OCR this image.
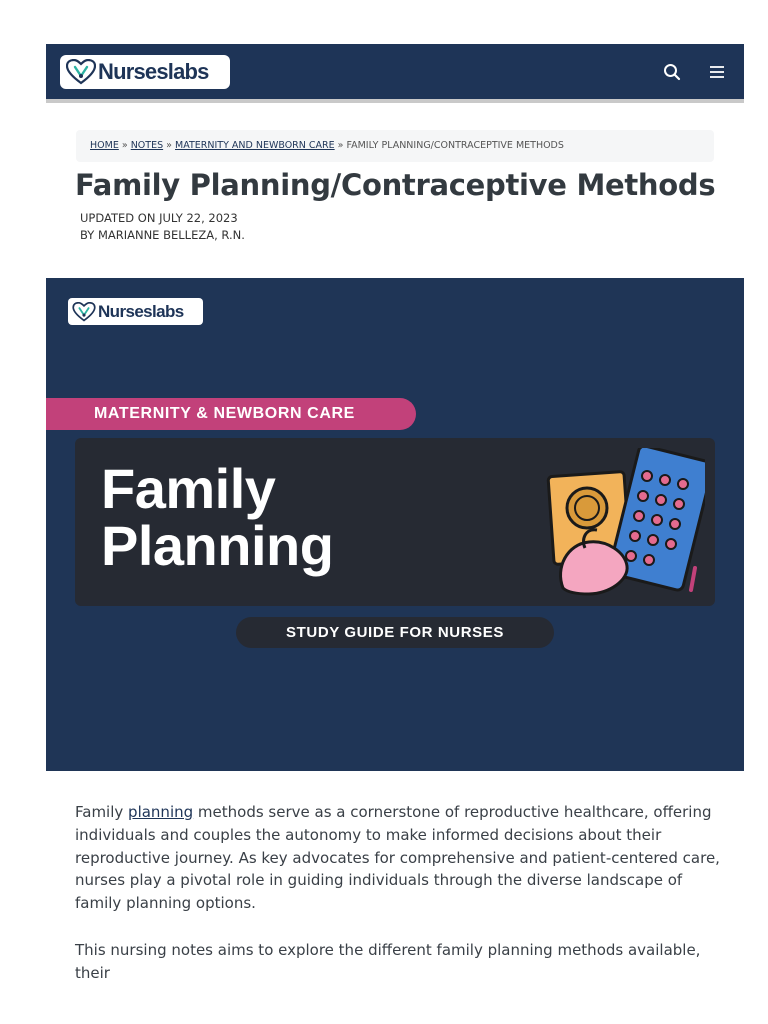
Nurseslabs
HOME » NOTES » MATERNITY AND NEWBORN CARE » FAMILY PLANNING/CONTRACEPTIVE METHODS
Family Planning/Contraceptive Methods
UPDATED ON JULY 22, 2023
BY MARIANNE BELLEZA, R.N.
Nurseslabs
MATERNITY & NEWBORN CARE
Family
Planning
STUDY GUIDE FOR NURSES

Family planning methods serve as a cornerstone of reproductive healthcare, offering individuals and couples the autonomy to make informed decisions about their reproductive journey. As key advocates for comprehensive and patient-centered care, nurses play a pivotal role in guiding individuals through the diverse landscape of family planning options.

This nursing notes aims to explore the different family planning methods available, their
